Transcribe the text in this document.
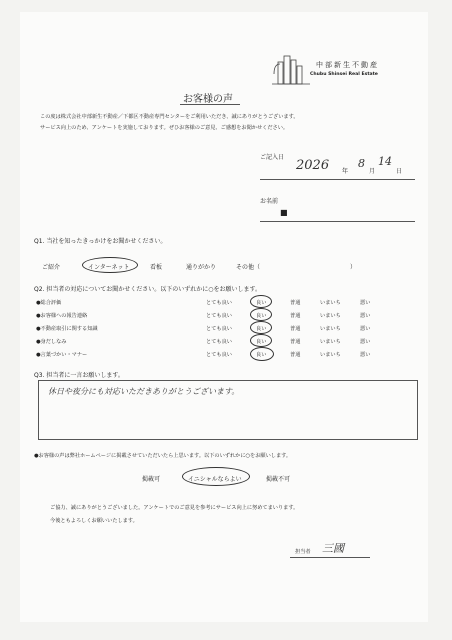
中部新生不動産
Chubu Shinsei Real Estate
お客様の声
この度は株式会社中部新生不動産／下都区不動産専門センターをご利用いただき、誠にありがとうございます。
サービス向上のため、アンケートを実施しております。ぜひお客様のご意見、ご感想をお聞かせください。
ご記入日
2026 年
8
月
14
日
お名前
■
Q1. 当社を知ったきっかけをお聞かせください。
ご紹介	インターネット	看板	通りがかり	その他（	）
Q2. 担当者の対応についてお聞かせください。以下のいずれかに○をお願いします。
●総合評価	とても良い	良い	普通	いまいち	悪い
●お客様への報告連絡	とても良い	良い	普通	いまいち	悪い
●不動産取引に関する知識	とても良い	良い	普通	いまいち	悪い
●身だしなみ	とても良い	良い	普通	いまいち	悪い
●言葉づかい・マナー	とても良い	良い	普通	いまいち	悪い
Q3. 担当者に一言お願いします。
休日や夜分にも対応いただきありがとうございます。
●お客様の声は弊社ホームページに掲載させていただいたら上思います。以下のいずれかに○をお願いします。
掲載可	イニシャルならよい	掲載不可
ご協力、誠にありがとうございました。アンケートでのご意見を参考にサービス向上に努めてまいります。
今後ともよろしくお願いいたします。
担当者 三國
